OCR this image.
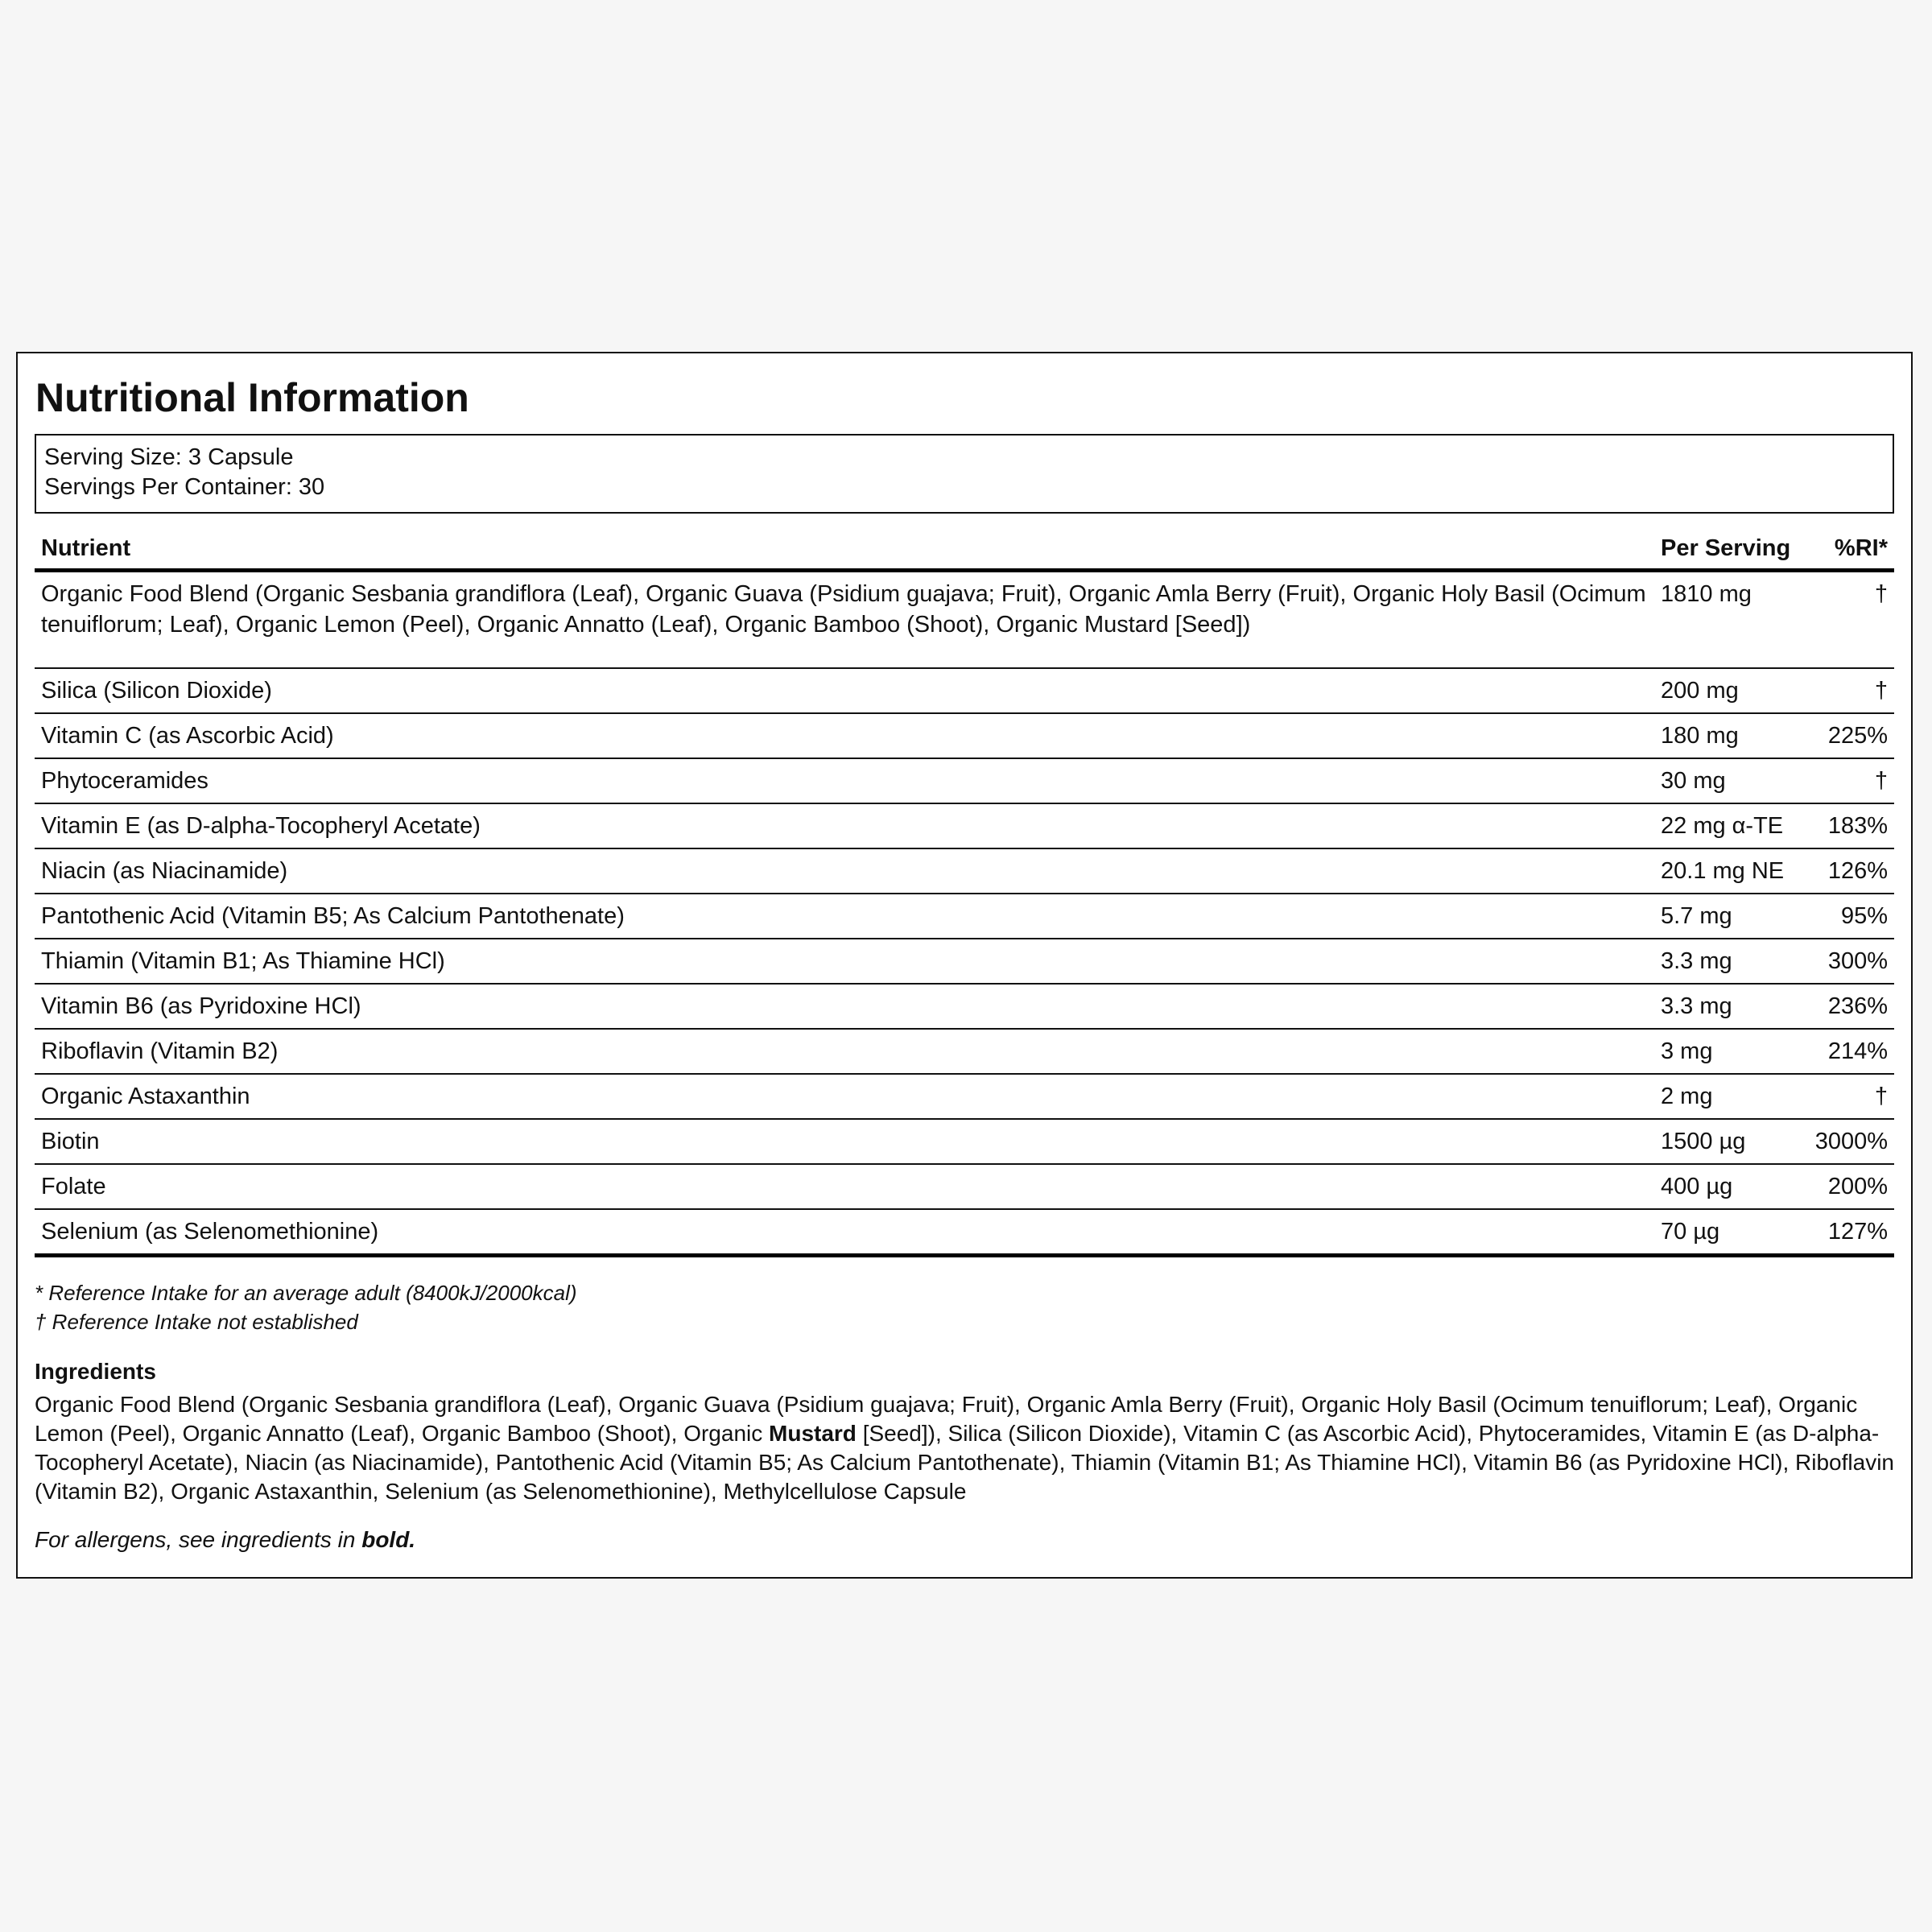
Nutritional Information
Serving Size: 3 Capsule
Servings Per Container: 30
Nutrient	Per Serving	%RI*
Organic Food Blend (Organic Sesbania grandiflora (Leaf), Organic Guava (Psidium guajava; Fruit), Organic Amla Berry (Fruit), Organic Holy Basil (Ocimum tenuiflorum; Leaf), Organic Lemon (Peel), Organic Annatto (Leaf), Organic Bamboo (Shoot), Organic Mustard [Seed])	1810 mg	†
Silica (Silicon Dioxide)	200 mg	†
Vitamin C (as Ascorbic Acid)	180 mg	225%
Phytoceramides	30 mg	†
Vitamin E (as D-alpha-Tocopheryl Acetate)	22 mg α-TE	183%
Niacin (as Niacinamide)	20.1 mg NE	126%
Pantothenic Acid (Vitamin B5; As Calcium Pantothenate)	5.7 mg	95%
Thiamin (Vitamin B1; As Thiamine HCl)	3.3 mg	300%
Vitamin B6 (as Pyridoxine HCl)	3.3 mg	236%
Riboflavin (Vitamin B2)	3 mg	214%
Organic Astaxanthin	2 mg	†
Biotin	1500 µg	3000%
Folate	400 µg	200%
Selenium (as Selenomethionine)	70 µg	127%
* Reference Intake for an average adult (8400kJ/2000kcal)
† Reference Intake not established
Ingredients
Organic Food Blend (Organic Sesbania grandiflora (Leaf), Organic Guava (Psidium guajava; Fruit), Organic Amla Berry (Fruit), Organic Holy Basil (Ocimum tenuiflorum; Leaf), Organic Lemon (Peel), Organic Annatto (Leaf), Organic Bamboo (Shoot), Organic Mustard [Seed]), Silica (Silicon Dioxide), Vitamin C (as Ascorbic Acid), Phytoceramides, Vitamin E (as D-alpha-Tocopheryl Acetate), Niacin (as Niacinamide), Pantothenic Acid (Vitamin B5; As Calcium Pantothenate), Thiamin (Vitamin B1; As Thiamine HCl), Vitamin B6 (as Pyridoxine HCl), Riboflavin (Vitamin B2), Organic Astaxanthin, Selenium (as Selenomethionine), Methylcellulose Capsule
For allergens, see ingredients in bold.
